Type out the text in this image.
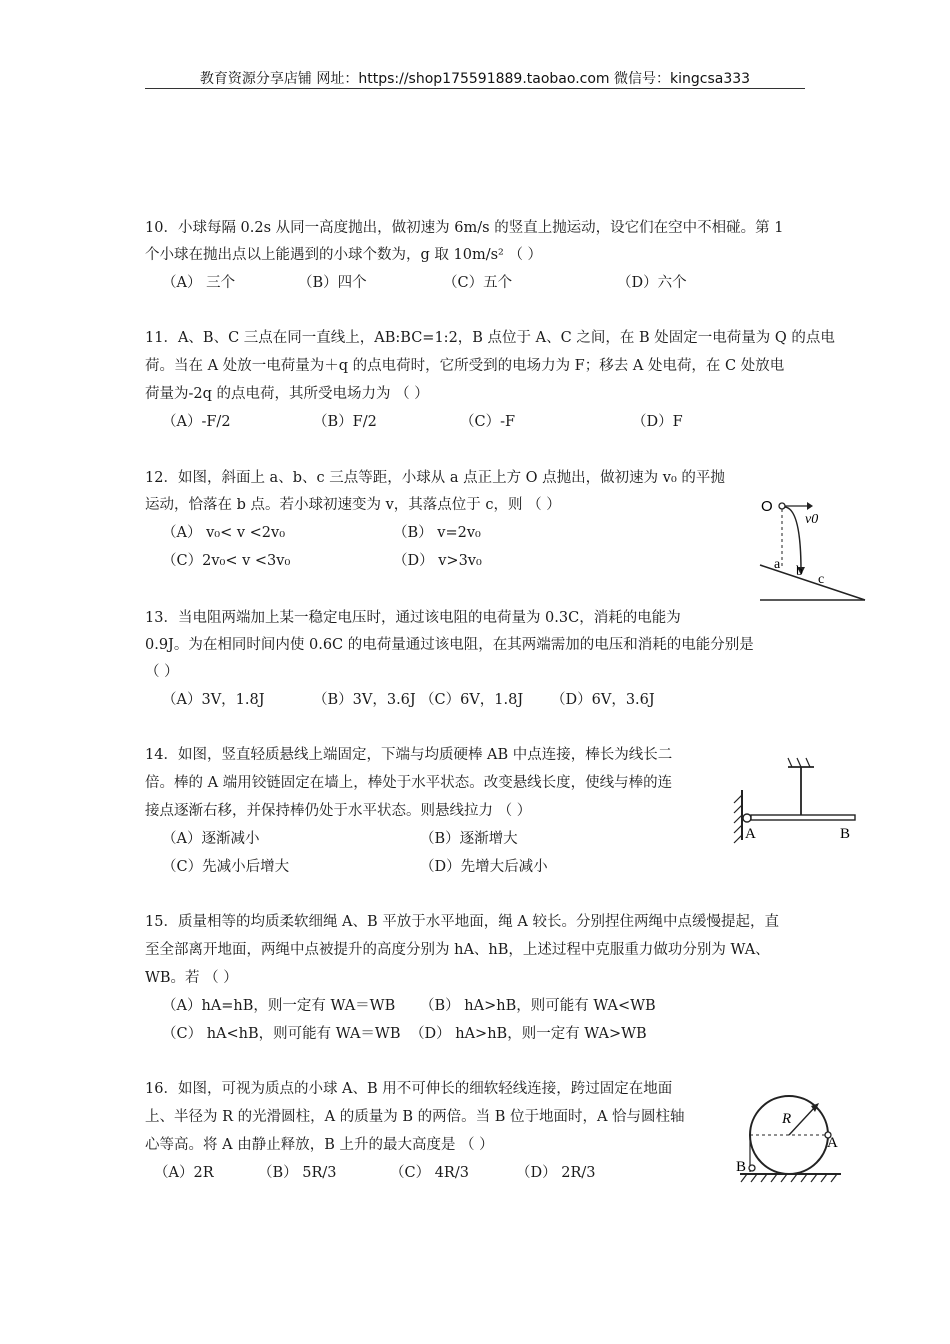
教育资源分享店铺 网址：https://shop175591889.taobao.com 微信号：kingcsa333
10．小球每隔 0.2s 从同一高度抛出，做初速为 6m/s 的竖直上抛运动，设它们在空中不相碰。第 1
个小球在抛出点以上能遇到的小球个数为，g 取 10m/s² （ ）
（A） 三个	（B）四个	（C）五个	（D）六个
11．A、B、C 三点在同一直线上，AB:BC=1:2，B 点位于 A、C 之间，在 B 处固定一电荷量为 Q 的点电
荷。当在 A 处放一电荷量为＋q 的点电荷时，它所受到的电场力为 F；移去 A 处电荷，在 C 处放电
荷量为-2q 的点电荷，其所受电场力为 （ ）
（A）-F/2	（B）F/2	（C）-F	（D）F
12．如图，斜面上 a、b、c 三点等距，小球从 a 点正上方 O 点抛出，做初速为 v₀ 的平抛
运动，恰落在 b 点。若小球初速变为 v，其落点位于 c，则 （ ）
（A） v₀< v <2v₀	（B） v=2v₀
（C）2v₀< v <3v₀	（D） v>3v₀
O
v0
a b
c
13．当电阻两端加上某一稳定电压时，通过该电阻的电荷量为 0.3C，消耗的电能为
0.9J。为在相同时间内使 0.6C 的电荷量通过该电阻，在其两端需加的电压和消耗的电能分别是
（ ）
（A）3V，1.8J	（B）3V，3.6J （C）6V，1.8J （D）6V，3.6J
14．如图，竖直轻质悬线上端固定，下端与均质硬棒 AB 中点连接，棒长为线长二
倍。棒的 A 端用铰链固定在墙上，棒处于水平状态。改变悬线长度，使线与棒的连
接点逐渐右移，并保持棒仍处于水平状态。则悬线拉力 （ ）
（A）逐渐减小	（B）逐渐增大
（C）先减小后增大	（D）先增大后减小
A	B
15．质量相等的均质柔软细绳 A、B 平放于水平地面，绳 A 较长。分别捏住两绳中点缓慢提起，直
至全部离开地面，两绳中点被提升的高度分别为 hA、hB，上述过程中克服重力做功分别为 WA、
WB。若 （ ）
（A）hA=hB，则一定有 WA＝WB （B） hA>hB，则可能有 WA<WB
（C） hA<hB，则可能有 WA＝WB （D） hA>hB，则一定有 WA>WB
16．如图，可视为质点的小球 A、B 用不可伸长的细软轻线连接，跨过固定在地面
上、半径为 R 的光滑圆柱，A 的质量为 B 的两倍。当 B 位于地面时，A 恰与圆柱轴
心等高。将 A 由静止释放，B 上升的最大高度是 （ ）
（A）2R	（B） 5R/3	（C） 4R/3	（D） 2R/3
R
A
B
